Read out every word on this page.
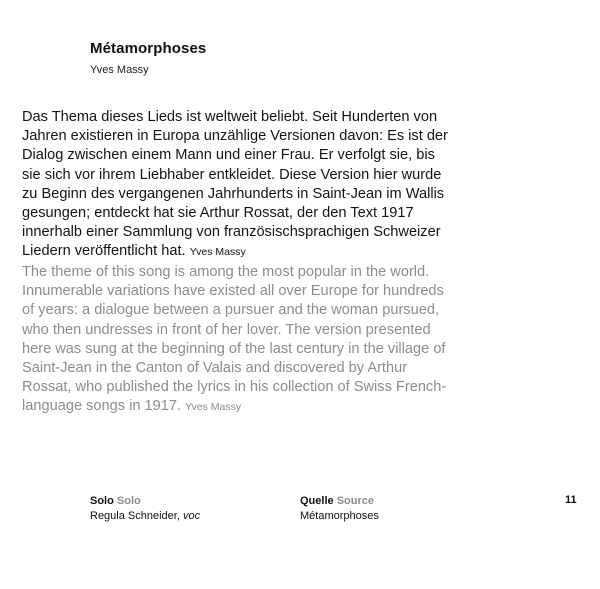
Métamorphoses
Yves Massy

Das Thema dieses Lieds ist weltweit beliebt. Seit Hunderten von
Jahren existieren in Europa unzählige Versionen davon: Es ist der
Dialog zwischen einem Mann und einer Frau. Er verfolgt sie, bis
sie sich vor ihrem Liebhaber entkleidet. Diese Version hier wurde
zu Beginn des vergangenen Jahrhunderts in Saint-Jean im Wallis
gesungen; entdeckt hat sie Arthur Rossat, der den Text 1917
innerhalb einer Sammlung von französischsprachigen Schweizer
Liedern veröffentlicht hat. Yves Massy

The theme of this song is among the most popular in the world.
Innumerable variations have existed all over Europe for hundreds
of years: a dialogue between a pursuer and the woman pursued,
who then undresses in front of her lover. The version presented
here was sung at the beginning of the last century in the village of
Saint-Jean in the Canton of Valais and discovered by Arthur
Rossat, who published the lyrics in his collection of Swiss French-
language songs in 1917. Yves Massy

Solo Solo
Regula Schneider, voc
Quelle Source
Métamorphoses
11
